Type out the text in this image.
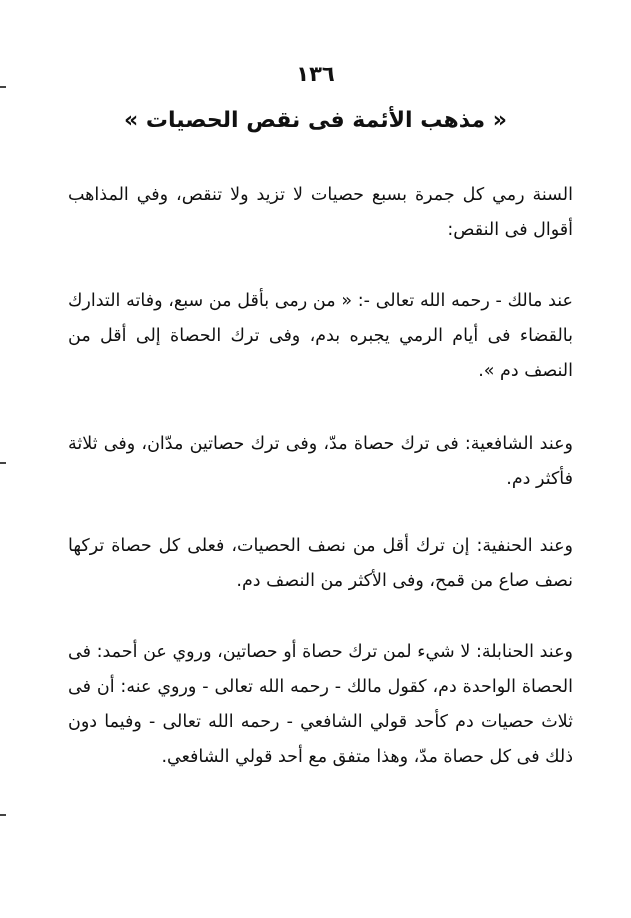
١٣٦
« مذهب الأئمة فى نقص الحصيات »

السنة رمي كل جمرة بسبع حصيات لا تزيد ولا تنقص، وفي المذاهب أقوال فى النقص:

عند مالك - رحمه الله تعالى -: « من رمى بأقل من سبع، وفاته التدارك بالقضاء فى أيام الرمي يجبره بدم، وفى ترك الحصاة إلى أقل من النصف دم ».

وعند الشافعية: فى ترك حصاة مدّ، وفى ترك حصاتين مدّان، وفى ثلاثة فأكثر دم.

وعند الحنفية: إن ترك أقل من نصف الحصيات، فعلى كل حصاة تركها نصف صاع من قمح، وفى الأكثر من النصف دم.

وعند الحنابلة: لا شيء لمن ترك حصاة أو حصاتين، وروي عن أحمد: فى الحصاة الواحدة دم، كقول مالك - رحمه الله تعالى - وروي عنه: أن فى ثلاث حصيات دم كأحد قولي الشافعي - رحمه الله تعالى - وفيما دون ذلك فى كل حصاة مدّ، وهذا متفق مع أحد قولي الشافعي.
